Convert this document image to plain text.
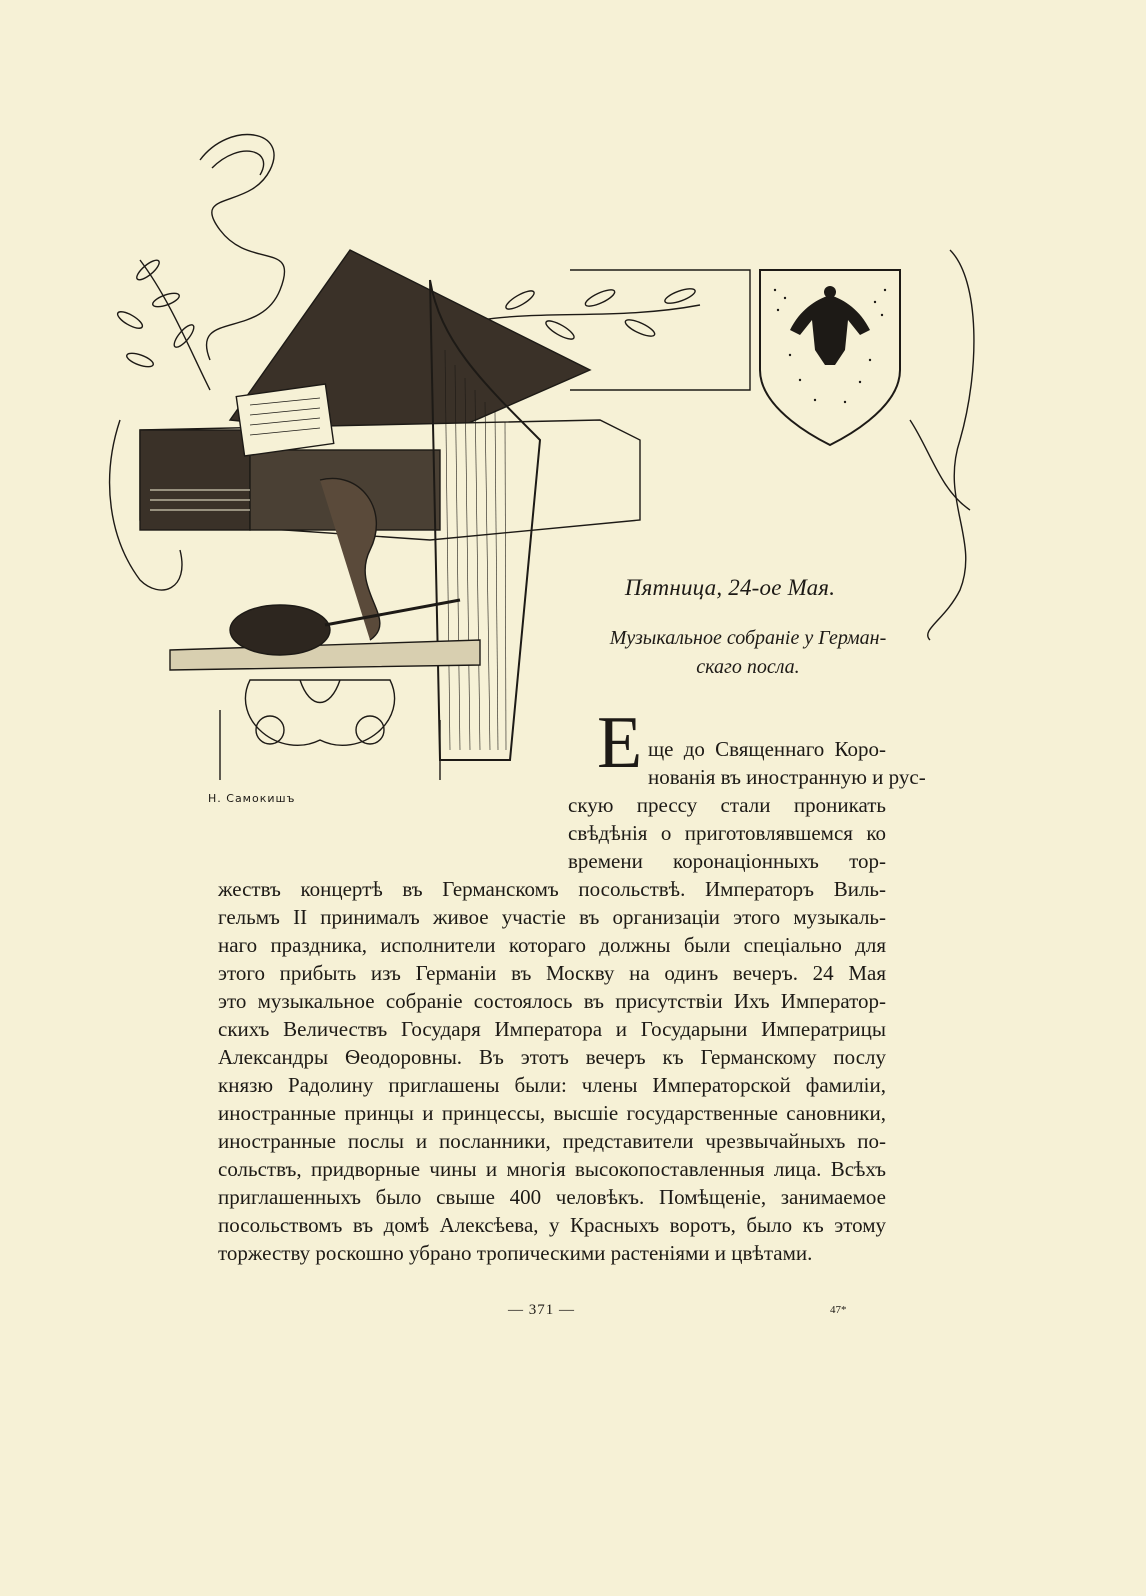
Н. Самокишъ
Пятница, 24-ое Мая.
Музыкальное собраніе у Герман-
скаго посла.
Е ще до Священнаго Коро-
нованія въ иностранную и рус-
скую прессу стали проникать
свѣдѣнія о приготовлявшемся ко
времени коронаціонныхъ тор-
жествъ концертѣ въ Германскомъ посольствѣ. Императоръ Виль-
гельмъ II принималъ живое участіе въ организаціи этого музыкаль-
наго праздника, исполнители котораго должны были спеціально для
этого прибыть изъ Германіи въ Москву на одинъ вечеръ. 24 Мая
это музыкальное собраніе состоялось въ присутствіи Ихъ Император-
скихъ Величествъ Государя Императора и Государыни Императрицы
Александры Ѳеодоровны. Въ этотъ вечеръ къ Германскому послу
князю Радолину приглашены были: члены Императорской фамиліи,
иностранные принцы и принцессы, высшіе государственные сановники,
иностранные послы и посланники, представители чрезвычайныхъ по-
сольствъ, придворные чины и многія высокопоставленныя лица. Всѣхъ
приглашенныхъ было свыше 400 человѣкъ. Помѣщеніе, занимаемое
посольствомъ въ домѣ Алексѣева, у Красныхъ воротъ, было къ этому
торжеству роскошно убрано тропическими растеніями и цвѣтами.
— 371 —	47*
